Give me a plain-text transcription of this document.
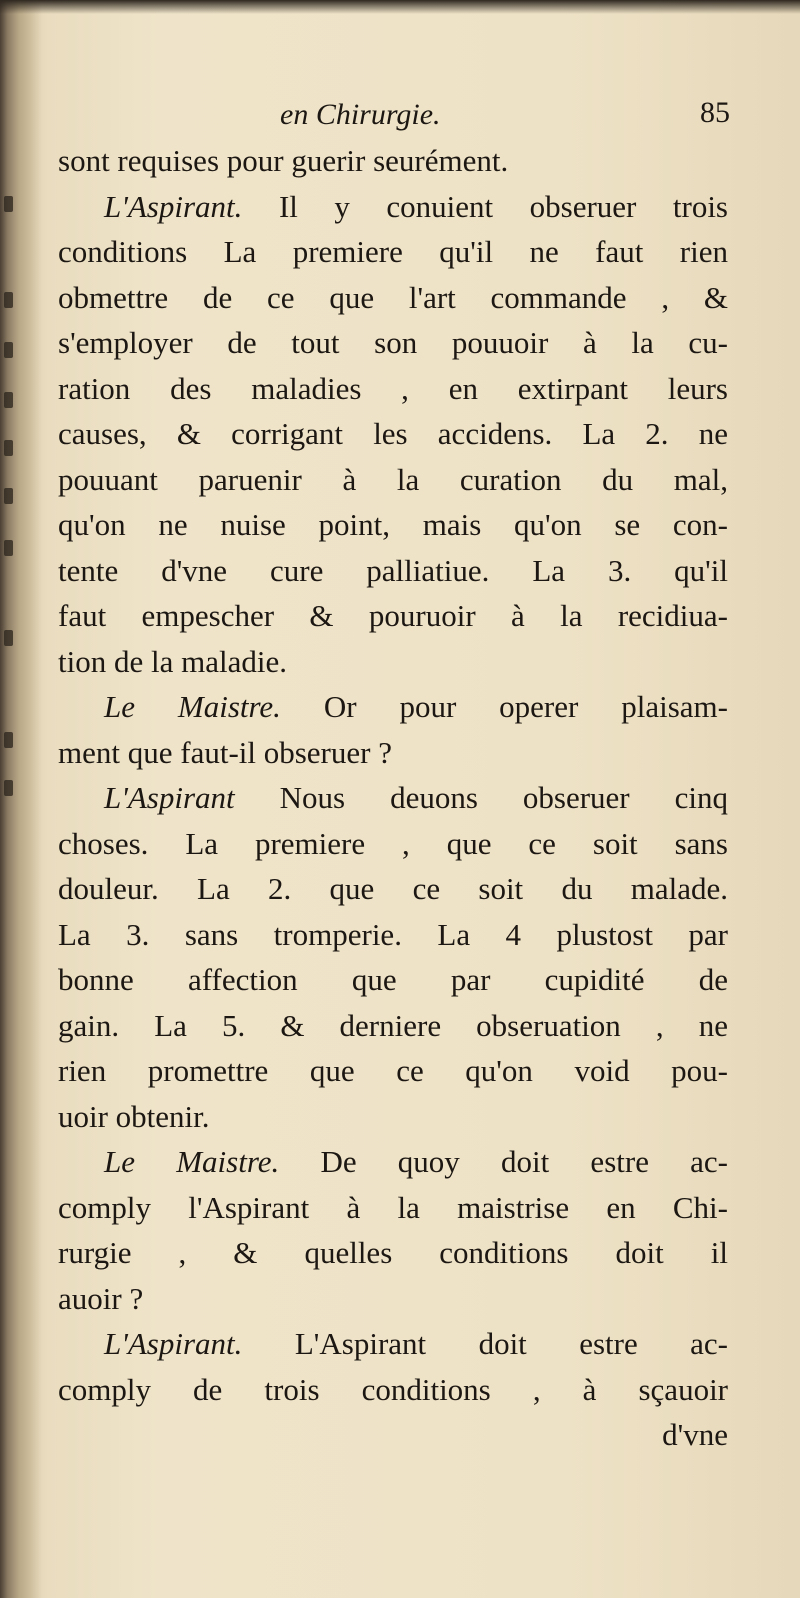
en Chirurgie.	85
sont requises pour guerir seurément.
L'Aspirant. Il y conuient obseruer trois
conditions La premiere qu'il ne faut rien
obmettre de ce que l'art commande , &
s'employer de tout son pouuoir à la cu-
ration des maladies , en extirpant leurs
causes, & corrigant les accidens. La 2. ne
pouuant paruenir à la curation du mal,
qu'on ne nuise point, mais qu'on se con-
tente d'vne cure palliatiue. La 3. qu'il
faut empescher & pouruoir à la recidiua-
tion de la maladie.
Le Maistre. Or pour operer plaisam-
ment que faut-il obseruer ?
L'Aspirant Nous deuons obseruer cinq
choses. La premiere , que ce soit sans
douleur. La 2. que ce soit du malade.
La 3. sans tromperie. La 4 plustost par
bonne affection que par cupidité de
gain. La 5. & derniere obseruation , ne
rien promettre que ce qu'on void pou-
uoir obtenir.
Le Maistre. De quoy doit estre ac-
comply l'Aspirant à la maistrise en Chi-
rurgie , & quelles conditions doit il
auoir ?
L'Aspirant. L'Aspirant doit estre ac-
comply de trois conditions , à sçauoir
d'vne
